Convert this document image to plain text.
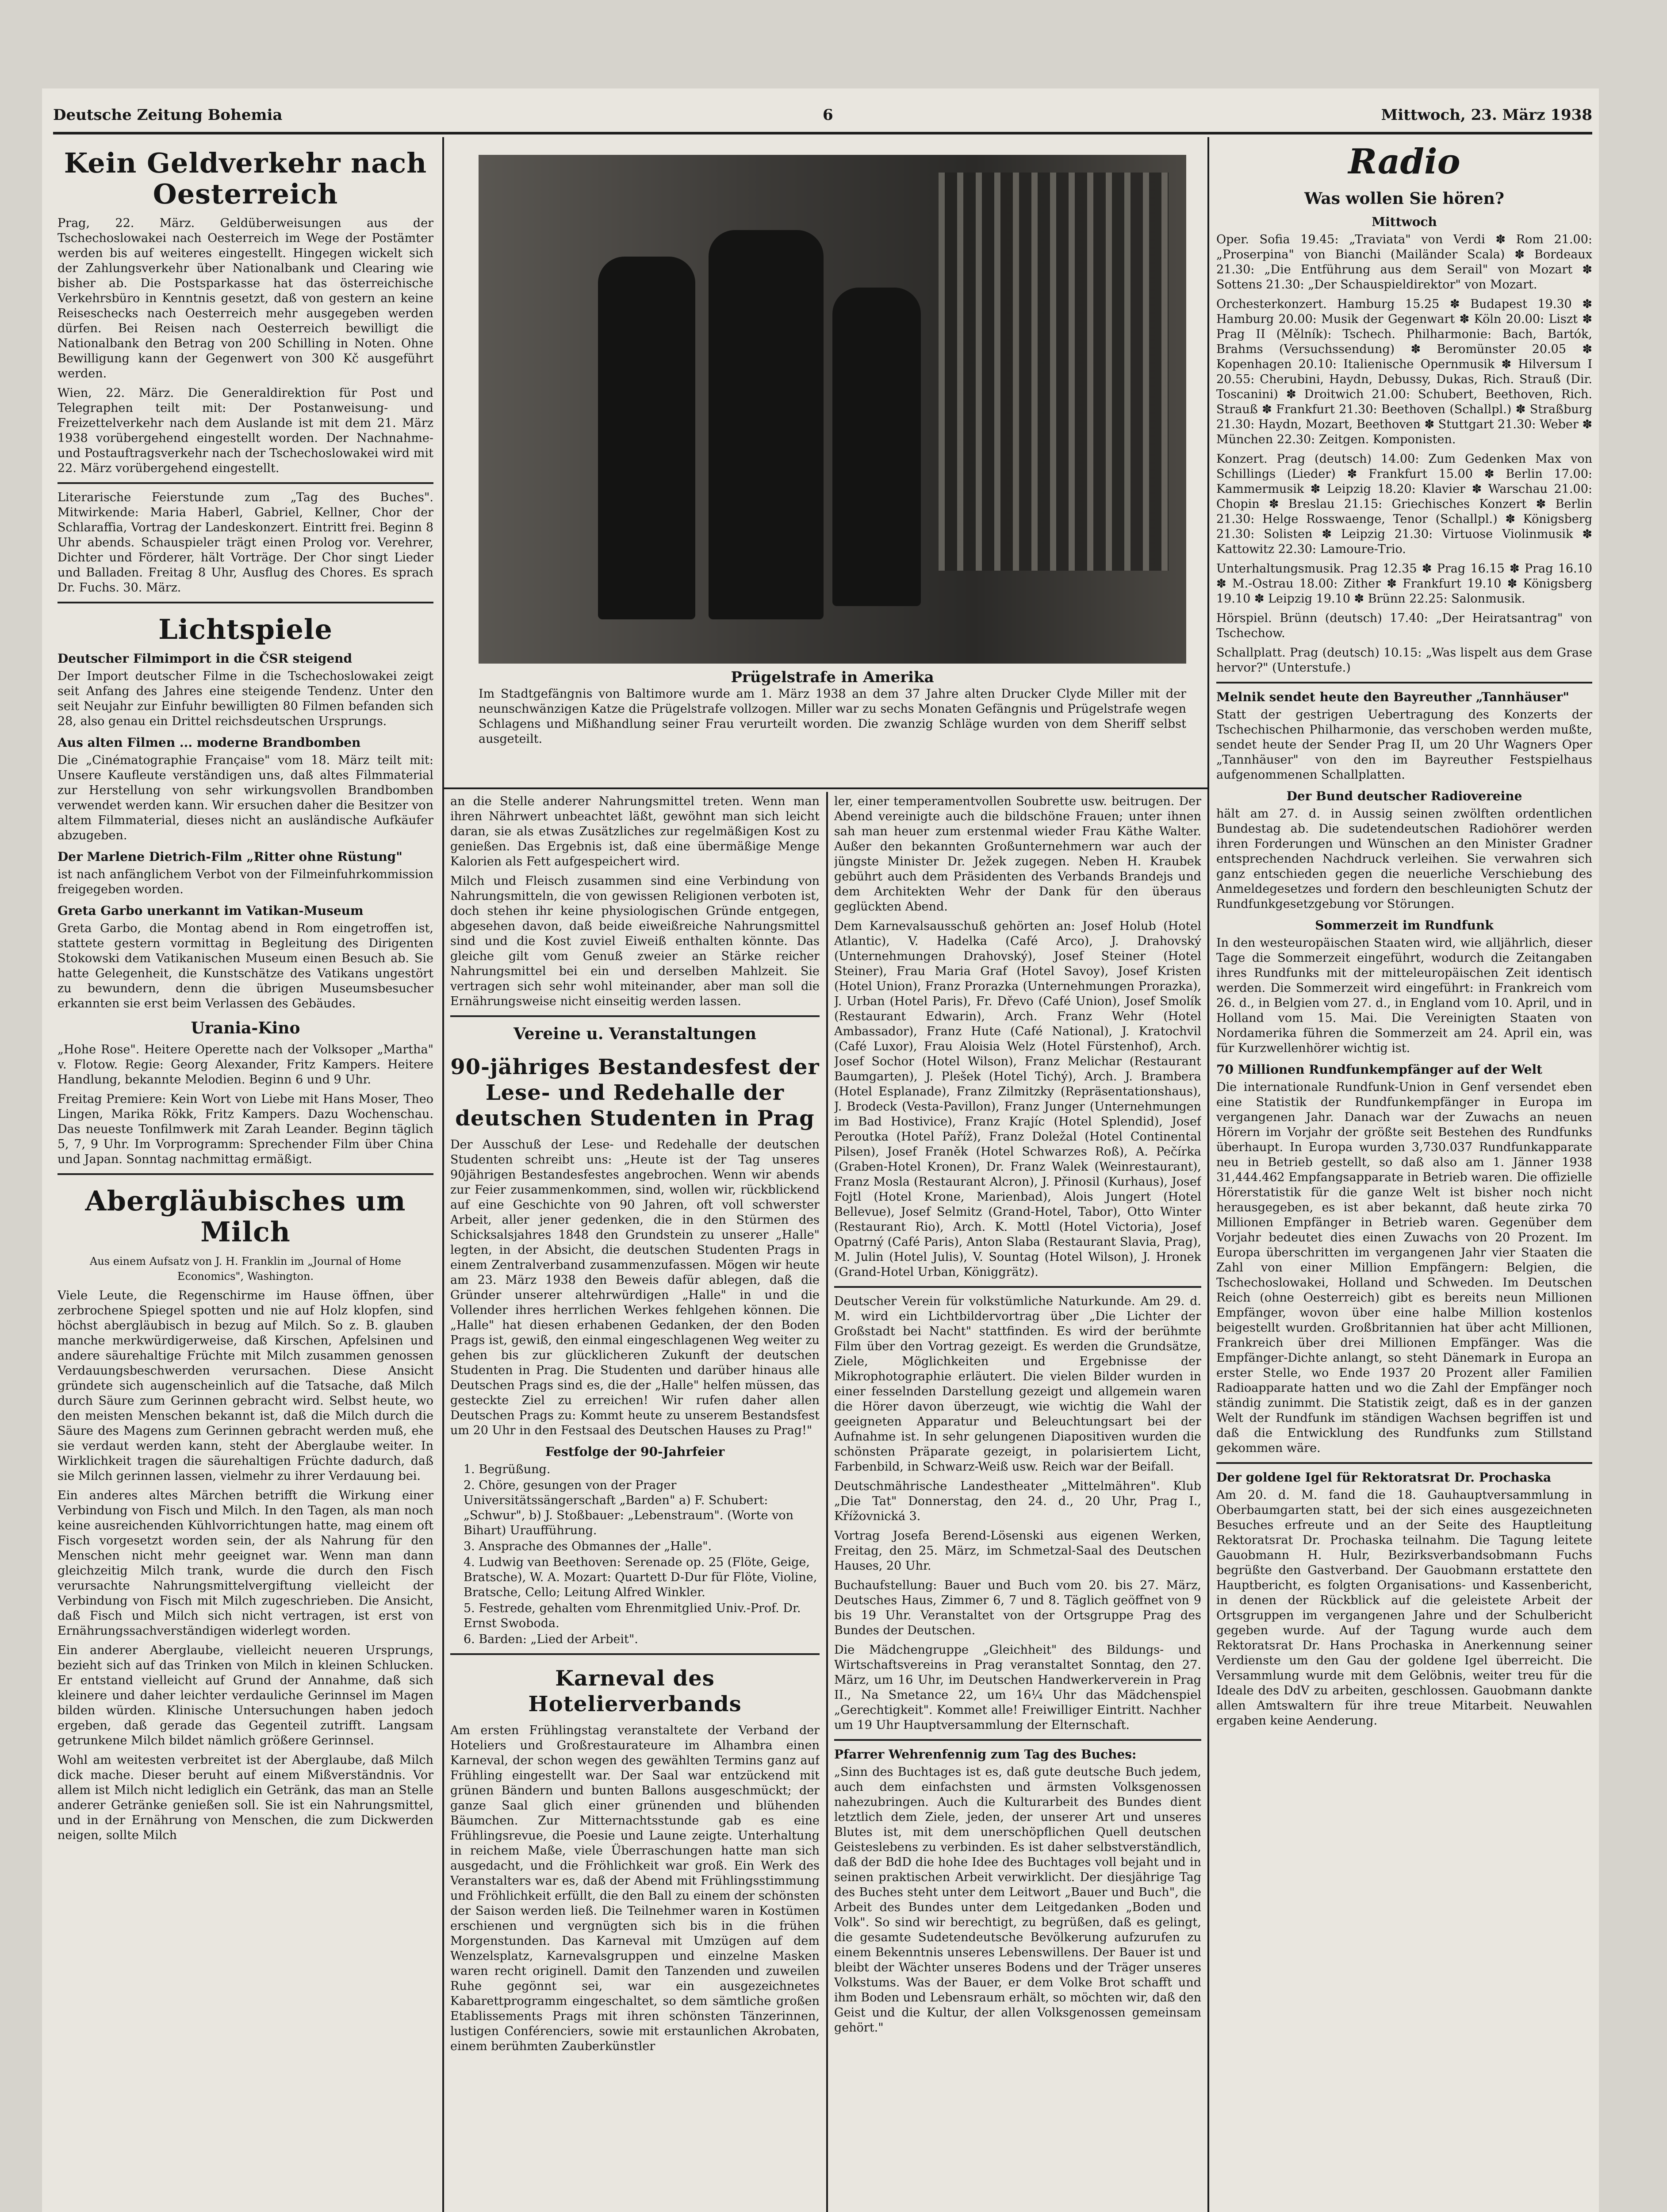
Deutsche Zeitung Bohemia	6	Mittwoch, 23. März 1938
Kein Geldverkehr nach Oesterreich

Prag, 22. März. Geldüberweisungen aus der Tschechoslowakei nach Oesterreich im Wege der Postämter werden bis auf weiteres eingestellt. Hingegen wickelt sich der Zahlungsverkehr über Nationalbank und Clearing wie bisher ab. Die Postsparkasse hat das österreichische Verkehrsbüro in Kenntnis gesetzt, daß von gestern an keine Reiseschecks nach Oesterreich mehr ausgegeben werden dürfen. Bei Reisen nach Oesterreich bewilligt die Nationalbank den Betrag von 200 Schilling in Noten. Ohne Bewilligung kann der Gegenwert von 300 Kč ausgeführt werden.

Wien, 22. März. Die Generaldirektion für Post und Telegraphen teilt mit: Der Postanweisung- und Freizettelverkehr nach dem Auslande ist mit dem 21. März 1938 vorübergehend eingestellt worden. Der Nachnahme- und Postauftragsverkehr nach der Tschechoslowakei wird mit 22. März vorübergehend eingestellt.

Literarische Feierstunde zum „Tag des Buches". Mitwirkende: Maria Haberl, Gabriel, Kellner, Chor der Schlaraffia, Vortrag der Landeskonzert. Eintritt frei. Beginn 8 Uhr abends. Schauspieler trägt einen Prolog vor. Verehrer, Dichter und Förderer, hält Vorträge. Der Chor singt Lieder und Balladen. Freitag 8 Uhr, Ausflug des Chores. Es sprach Dr. Fuchs. 30. März.

Lichtspiele
Deutscher Filmimport in die ČSR steigend

Der Import deutscher Filme in die Tschechoslowakei zeigt seit Anfang des Jahres eine steigende Tendenz. Unter den seit Neujahr zur Einfuhr bewilligten 80 Filmen befanden sich 28, also genau ein Drittel reichsdeutschen Ursprungs.

Aus alten Filmen ... moderne Brandbomben

Die „Cinématographie Française" vom 18. März teilt mit: Unsere Kaufleute verständigen uns, daß altes Filmmaterial zur Herstellung von sehr wirkungsvollen Brandbomben verwendet werden kann. Wir ersuchen daher die Besitzer von altem Filmmaterial, dieses nicht an ausländische Aufkäufer abzugeben.

Der Marlene Dietrich-Film „Ritter ohne Rüstung"

ist nach anfänglichem Verbot von der Filmeinfuhrkommission freigegeben worden.

Greta Garbo unerkannt im Vatikan-Museum

Greta Garbo, die Montag abend in Rom eingetroffen ist, stattete gestern vormittag in Begleitung des Dirigenten Stokowski dem Vatikanischen Museum einen Besuch ab. Sie hatte Gelegenheit, die Kunstschätze des Vatikans ungestört zu bewundern, denn die übrigen Museumsbesucher erkannten sie erst beim Verlassen des Gebäudes.

Urania-Kino

„Hohe Rose". Heitere Operette nach der Volksoper „Martha" v. Flotow. Regie: Georg Alexander, Fritz Kampers. Heitere Handlung, bekannte Melodien. Beginn 6 und 9 Uhr.

Freitag Premiere: Kein Wort von Liebe mit Hans Moser, Theo Lingen, Marika Rökk, Fritz Kampers. Dazu Wochenschau. Das neueste Tonfilmwerk mit Zarah Leander. Beginn täglich 5, 7, 9 Uhr. Im Vorprogramm: Sprechender Film über China und Japan. Sonntag nachmittag ermäßigt.

Abergläubisches um Milch

Aus einem Aufsatz von J. H. Franklin im „Journal of Home Economics", Washington.

Viele Leute, die Regenschirme im Hause öffnen, über zerbrochene Spiegel spotten und nie auf Holz klopfen, sind höchst abergläubisch in bezug auf Milch. So z. B. glauben manche merkwürdigerweise, daß Kirschen, Apfelsinen und andere säurehaltige Früchte mit Milch zusammen genossen Verdauungsbeschwerden verursachen. Diese Ansicht gründete sich augenscheinlich auf die Tatsache, daß Milch durch Säure zum Gerinnen gebracht wird. Selbst heute, wo den meisten Menschen bekannt ist, daß die Milch durch die Säure des Magens zum Gerinnen gebracht werden muß, ehe sie verdaut werden kann, steht der Aberglaube weiter. In Wirklichkeit tragen die säurehaltigen Früchte dadurch, daß sie Milch gerinnen lassen, vielmehr zu ihrer Verdauung bei.

Ein anderes altes Märchen betrifft die Wirkung einer Verbindung von Fisch und Milch. In den Tagen, als man noch keine ausreichenden Kühlvorrichtungen hatte, mag einem oft Fisch vorgesetzt worden sein, der als Nahrung für den Menschen nicht mehr geeignet war. Wenn man dann gleichzeitig Milch trank, wurde die durch den Fisch verursachte Nahrungsmittelvergiftung vielleicht der Verbindung von Fisch mit Milch zugeschrieben. Die Ansicht, daß Fisch und Milch sich nicht vertragen, ist erst von Ernährungssachverständigen widerlegt worden.

Ein anderer Aberglaube, vielleicht neueren Ursprungs, bezieht sich auf das Trinken von Milch in kleinen Schlucken. Er entstand vielleicht auf Grund der Annahme, daß sich kleinere und daher leichter verdauliche Gerinnsel im Magen bilden würden. Klinische Untersuchungen haben jedoch ergeben, daß gerade das Gegenteil zutrifft. Langsam getrunkene Milch bildet nämlich größere Gerinnsel.

Wohl am weitesten verbreitet ist der Aberglaube, daß Milch dick mache. Dieser beruht auf einem Mißverständnis. Vor allem ist Milch nicht lediglich ein Getränk, das man an Stelle anderer Getränke genießen soll. Sie ist ein Nahrungsmittel, und in der Ernährung von Menschen, die zum Dickwerden neigen, sollte Milch

Prügelstrafe in Amerika

Im Stadtgefängnis von Baltimore wurde am 1. März 1938 an dem 37 Jahre alten Drucker Clyde Miller mit der neunschwänzigen Katze die Prügelstrafe vollzogen. Miller war zu sechs Monaten Gefängnis und Prügelstrafe wegen Schlagens und Mißhandlung seiner Frau verurteilt worden. Die zwanzig Schläge wurden von dem Sheriff selbst ausgeteilt.

an die Stelle anderer Nahrungsmittel treten. Wenn man ihren Nährwert unbeachtet läßt, gewöhnt man sich leicht daran, sie als etwas Zusätzliches zur regelmäßigen Kost zu genießen. Das Ergebnis ist, daß eine übermäßige Menge Kalorien als Fett aufgespeichert wird.

Milch und Fleisch zusammen sind eine Verbindung von Nahrungsmitteln, die von gewissen Religionen verboten ist, doch stehen ihr keine physiologischen Gründe entgegen, abgesehen davon, daß beide eiweißreiche Nahrungsmittel sind und die Kost zuviel Eiweiß enthalten könnte. Das gleiche gilt vom Genuß zweier an Stärke reicher Nahrungsmittel bei ein und derselben Mahlzeit. Sie vertragen sich sehr wohl miteinander, aber man soll die Ernährungsweise nicht einseitig werden lassen.

Vereine u. Veranstaltungen
90-jähriges Bestandesfest der Lese- und Redehalle der deutschen Studenten in Prag

Der Ausschuß der Lese- und Redehalle der deutschen Studenten schreibt uns: „Heute ist der Tag unseres 90jährigen Bestandesfestes angebrochen. Wenn wir abends zur Feier zusammenkommen, sind, wollen wir, rückblickend auf eine Geschichte von 90 Jahren, oft voll schwerster Arbeit, aller jener gedenken, die in den Stürmen des Schicksalsjahres 1848 den Grundstein zu unserer „Halle" legten, in der Absicht, die deutschen Studenten Prags in einem Zentralverband zusammenzufassen. Mögen wir heute am 23. März 1938 den Beweis dafür ablegen, daß die Gründer unserer altehrwürdigen „Halle" in und die Vollender ihres herrlichen Werkes fehlgehen können. Die „Halle" hat diesen erhabenen Gedanken, der den Boden Prags ist, gewiß, den einmal eingeschlagenen Weg weiter zu gehen bis zur glücklicheren Zukunft der deutschen Studenten in Prag. Die Studenten und darüber hinaus alle Deutschen Prags sind es, die der „Halle" helfen müssen, das gesteckte Ziel zu erreichen! Wir rufen daher allen Deutschen Prags zu: Kommt heute zu unserem Bestandsfest um 20 Uhr in den Festsaal des Deutschen Hauses zu Prag!"

Festfolge der 90-Jahrfeier
1. Begrüßung.
2. Chöre, gesungen von der Prager Universitätssängerschaft „Barden" a) F. Schubert: „Schwur", b) J. Stoßbauer: „Lebenstraum". (Worte von Bihart) Uraufführung.
3. Ansprache des Obmannes der „Halle".
4. Ludwig van Beethoven: Serenade op. 25 (Flöte, Geige, Bratsche), W. A. Mozart: Quartett D-Dur für Flöte, Violine, Bratsche, Cello; Leitung Alfred Winkler.
5. Festrede, gehalten vom Ehrenmitglied Univ.-Prof. Dr. Ernst Swoboda.
6. Barden: „Lied der Arbeit".
Karneval des Hotelierverbands

Am ersten Frühlingstag veranstaltete der Verband der Hoteliers und Großrestaurateure im Alhambra einen Karneval, der schon wegen des gewählten Termins ganz auf Frühling eingestellt war. Der Saal war entzückend mit grünen Bändern und bunten Ballons ausgeschmückt; der ganze Saal glich einer grünenden und blühenden Bäumchen. Zur Mitternachtsstunde gab es eine Frühlingsrevue, die Poesie und Laune zeigte. Unterhaltung in reichem Maße, viele Überraschungen hatte man sich ausgedacht, und die Fröhlichkeit war groß. Ein Werk des Veranstalters war es, daß der Abend mit Frühlingsstimmung und Fröhlichkeit erfüllt, die den Ball zu einem der schönsten der Saison werden ließ. Die Teilnehmer waren in Kostümen erschienen und vergnügten sich bis in die frühen Morgenstunden. Das Karneval mit Umzügen auf dem Wenzelsplatz, Karnevalsgruppen und einzelne Masken waren recht originell. Damit den Tanzenden und zuweilen Ruhe gegönnt sei, war ein ausgezeichnetes Kabarettprogramm eingeschaltet, so dem sämtliche großen Etablissements Prags mit ihren schönsten Tänzerinnen, lustigen Conférenciers, sowie mit erstaunlichen Akrobaten, einem berühmten Zauberkünstler

ler, einer temperamentvollen Soubrette usw. beitrugen. Der Abend vereinigte auch die bildschöne Frauen; unter ihnen sah man heuer zum erstenmal wieder Frau Käthe Walter. Außer den bekannten Großunternehmern war auch der jüngste Minister Dr. Ježek zugegen. Neben H. Kraubek gebührt auch dem Präsidenten des Verbands Brandejs und dem Architekten Wehr der Dank für den überaus geglückten Abend.

Dem Karnevalsausschuß gehörten an: Josef Holub (Hotel Atlantic), V. Hadelka (Café Arco), J. Drahovský (Unternehmungen Drahovský), Josef Steiner (Hotel Steiner), Frau Maria Graf (Hotel Savoy), Josef Kristen (Hotel Union), Franz Prorazka (Unternehmungen Prorazka), J. Urban (Hotel Paris), Fr. Dřevo (Café Union), Josef Smolík (Restaurant Edwarin), Arch. Franz Wehr (Hotel Ambassador), Franz Hute (Café National), J. Kratochvil (Café Luxor), Frau Aloisia Welz (Hotel Fürstenhof), Arch. Josef Sochor (Hotel Wilson), Franz Melichar (Restaurant Baumgarten), J. Plešek (Hotel Tichý), Arch. J. Brambera (Hotel Esplanade), Franz Zilmitzky (Repräsentationshaus), J. Brodeck (Vesta-Pavillon), Franz Junger (Unternehmungen im Bad Hostivice), Franz Krajíc (Hotel Splendid), Josef Peroutka (Hotel Paříž), Franz Doležal (Hotel Continental Pilsen), Josef Franěk (Hotel Schwarzes Roß), A. Pečírka (Graben-Hotel Kronen), Dr. Franz Walek (Weinrestaurant), Franz Mosla (Restaurant Alcron), J. Přinosil (Kurhaus), Josef Fojtl (Hotel Krone, Marienbad), Alois Jungert (Hotel Bellevue), Josef Selmitz (Grand-Hotel, Tabor), Otto Winter (Restaurant Rio), Arch. K. Mottl (Hotel Victoria), Josef Opatrný (Café Paris), Anton Slaba (Restaurant Slavia, Prag), M. Julin (Hotel Julis), V. Sountag (Hotel Wilson), J. Hronek (Grand-Hotel Urban, Königgrätz).

Deutscher Verein für volkstümliche Naturkunde. Am 29. d. M. wird ein Lichtbildervortrag über „Die Lichter der Großstadt bei Nacht" stattfinden. Es wird der berühmte Film über den Vortrag gezeigt. Es werden die Grundsätze, Ziele, Möglichkeiten und Ergebnisse der Mikrophotographie erläutert. Die vielen Bilder wurden in einer fesselnden Darstellung gezeigt und allgemein waren die Hörer davon überzeugt, wie wichtig die Wahl der geeigneten Apparatur und Beleuchtungsart bei der Aufnahme ist. In sehr gelungenen Diapositiven wurden die schönsten Präparate gezeigt, in polarisiertem Licht, Farbenbild, in Schwarz-Weiß usw. Reich war der Beifall.

Deutschmährische Landestheater „Mittelmähren". Klub „Die Tat" Donnerstag, den 24. d., 20 Uhr, Prag I., Křížovnická 3.

Vortrag Josefa Berend-Lösenski aus eigenen Werken, Freitag, den 25. März, im Schmetzal-Saal des Deutschen Hauses, 20 Uhr.

Buchaufstellung: Bauer und Buch vom 20. bis 27. März, Deutsches Haus, Zimmer 6, 7 und 8. Täglich geöffnet von 9 bis 19 Uhr. Veranstaltet von der Ortsgruppe Prag des Bundes der Deutschen.

Die Mädchengruppe „Gleichheit" des Bildungs- und Wirtschaftsvereins in Prag veranstaltet Sonntag, den 27. März, um 16 Uhr, im Deutschen Handwerkerverein in Prag II., Na Smetance 22, um 16¼ Uhr das Mädchenspiel „Gerechtigkeit". Kommet alle! Freiwilliger Eintritt. Nachher um 19 Uhr Hauptversammlung der Elternschaft.

Pfarrer Wehrenfennig zum Tag des Buches:

„Sinn des Buchtages ist es, daß gute deutsche Buch jedem, auch dem einfachsten und ärmsten Volksgenossen nahezubringen. Auch die Kulturarbeit des Bundes dient letztlich dem Ziele, jeden, der unserer Art und unseres Blutes ist, mit dem unerschöpflichen Quell deutschen Geisteslebens zu verbinden. Es ist daher selbstverständlich, daß der BdD die hohe Idee des Buchtages voll bejaht und in seinen praktischen Arbeit verwirklicht. Der diesjährige Tag des Buches steht unter dem Leitwort „Bauer und Buch", die Arbeit des Bundes unter dem Leitgedanken „Boden und Volk". So sind wir berechtigt, zu begrüßen, daß es gelingt, die gesamte Sudetendeutsche Bevölkerung aufzurufen zu einem Bekenntnis unseres Lebenswillens. Der Bauer ist und bleibt der Wächter unseres Bodens und der Träger unseres Volkstums. Was der Bauer, er dem Volke Brot schafft und ihm Boden und Lebensraum erhält, so möchten wir, daß den Geist und die Kultur, der allen Volksgenossen gemeinsam gehört."

Radio
Was wollen Sie hören?
Mittwoch

Oper. Sofia 19.45: „Traviata" von Verdi ✽ Rom 21.00: „Proserpina" von Bianchi (Mailänder Scala) ✽ Bordeaux 21.30: „Die Entführung aus dem Serail" von Mozart ✽ Sottens 21.30: „Der Schauspieldirektor" von Mozart.

Orchesterkonzert. Hamburg 15.25 ✽ Budapest 19.30 ✽ Hamburg 20.00: Musik der Gegenwart ✽ Köln 20.00: Liszt ✽ Prag II (Mělník): Tschech. Philharmonie: Bach, Bartók, Brahms (Versuchssendung) ✽ Beromünster 20.05 ✽ Kopenhagen 20.10: Italienische Opernmusik ✽ Hilversum I 20.55: Cherubini, Haydn, Debussy, Dukas, Rich. Strauß (Dir. Toscanini) ✽ Droitwich 21.00: Schubert, Beethoven, Rich. Strauß ✽ Frankfurt 21.30: Beethoven (Schallpl.) ✽ Straßburg 21.30: Haydn, Mozart, Beethoven ✽ Stuttgart 21.30: Weber ✽ München 22.30: Zeitgen. Komponisten.

Konzert. Prag (deutsch) 14.00: Zum Gedenken Max von Schillings (Lieder) ✽ Frankfurt 15.00 ✽ Berlin 17.00: Kammermusik ✽ Leipzig 18.20: Klavier ✽ Warschau 21.00: Chopin ✽ Breslau 21.15: Griechisches Konzert ✽ Berlin 21.30: Helge Rosswaenge, Tenor (Schallpl.) ✽ Königsberg 21.30: Solisten ✽ Leipzig 21.30: Virtuose Violinmusik ✽ Kattowitz 22.30: Lamoure-Trio.

Unterhaltungsmusik. Prag 12.35 ✽ Prag 16.15 ✽ Prag 16.10 ✽ M.-Ostrau 18.00: Zither ✽ Frankfurt 19.10 ✽ Königsberg 19.10 ✽ Leipzig 19.10 ✽ Brünn 22.25: Salonmusik.

Hörspiel. Brünn (deutsch) 17.40: „Der Heiratsantrag" von Tschechow.

Schallplatt. Prag (deutsch) 10.15: „Was lispelt aus dem Grase hervor?" (Unterstufe.)

Melnik sendet heute den Bayreuther „Tannhäuser"

Statt der gestrigen Uebertragung des Konzerts der Tschechischen Philharmonie, das verschoben werden mußte, sendet heute der Sender Prag II, um 20 Uhr Wagners Oper „Tannhäuser" von den im Bayreuther Festspielhaus aufgenommenen Schallplatten.

Der Bund deutscher Radiovereine

hält am 27. d. in Aussig seinen zwölften ordentlichen Bundestag ab. Die sudetendeutschen Radiohörer werden ihren Forderungen und Wünschen an den Minister Gradner entsprechenden Nachdruck verleihen. Sie verwahren sich ganz entschieden gegen die neuerliche Verschiebung des Anmeldegesetzes und fordern den beschleunigten Schutz der Rundfunkgesetzgebung vor Störungen.

Sommerzeit im Rundfunk

In den westeuropäischen Staaten wird, wie alljährlich, dieser Tage die Sommerzeit eingeführt, wodurch die Zeitangaben ihres Rundfunks mit der mitteleuropäischen Zeit identisch werden. Die Sommerzeit wird eingeführt: in Frankreich vom 26. d., in Belgien vom 27. d., in England vom 10. April, und in Holland vom 15. Mai. Die Vereinigten Staaten von Nordamerika führen die Sommerzeit am 24. April ein, was für Kurzwellenhörer wichtig ist.

70 Millionen Rundfunkempfänger auf der Welt

Die internationale Rundfunk-Union in Genf versendet eben eine Statistik der Rundfunkempfänger in Europa im vergangenen Jahr. Danach war der Zuwachs an neuen Hörern im Vorjahr der größte seit Bestehen des Rundfunks überhaupt. In Europa wurden 3,730.037 Rundfunkapparate neu in Betrieb gestellt, so daß also am 1. Jänner 1938 31,444.462 Empfangsapparate in Betrieb waren. Die offizielle Hörerstatistik für die ganze Welt ist bisher noch nicht herausgegeben, es ist aber bekannt, daß heute zirka 70 Millionen Empfänger in Betrieb waren. Gegenüber dem Vorjahr bedeutet dies einen Zuwachs von 20 Prozent. Im Europa überschritten im vergangenen Jahr vier Staaten die Zahl von einer Million Empfängern: Belgien, die Tschechoslowakei, Holland und Schweden. Im Deutschen Reich (ohne Oesterreich) gibt es bereits neun Millionen Empfänger, wovon über eine halbe Million kostenlos beigestellt wurden. Großbritannien hat über acht Millionen, Frankreich über drei Millionen Empfänger. Was die Empfänger-Dichte anlangt, so steht Dänemark in Europa an erster Stelle, wo Ende 1937 20 Prozent aller Familien Radioapparate hatten und wo die Zahl der Empfänger noch ständig zunimmt. Die Statistik zeigt, daß es in der ganzen Welt der Rundfunk im ständigen Wachsen begriffen ist und daß die Entwicklung des Rundfunks zum Stillstand gekommen wäre.

Der goldene Igel für Rektoratsrat Dr. Prochaska

Am 20. d. M. fand die 18. Gauhauptversammlung in Oberbaumgarten statt, bei der sich eines ausgezeichneten Besuches erfreute und an der Seite des Hauptleitung Rektoratsrat Dr. Prochaska teilnahm. Die Tagung leitete Gauobmann H. Hulr, Bezirksverbandsobmann Fuchs begrüßte den Gastverband. Der Gauobmann erstattete den Hauptbericht, es folgten Organisations- und Kassenbericht, in denen der Rückblick auf die geleistete Arbeit der Ortsgruppen im vergangenen Jahre und der Schulbericht gegeben wurde. Auf der Tagung wurde auch dem Rektoratsrat Dr. Hans Prochaska in Anerkennung seiner Verdienste um den Gau der goldene Igel überreicht. Die Versammlung wurde mit dem Gelöbnis, weiter treu für die Ideale des DdV zu arbeiten, geschlossen. Gauobmann dankte allen Amtswaltern für ihre treue Mitarbeit. Neuwahlen ergaben keine Aenderung.
